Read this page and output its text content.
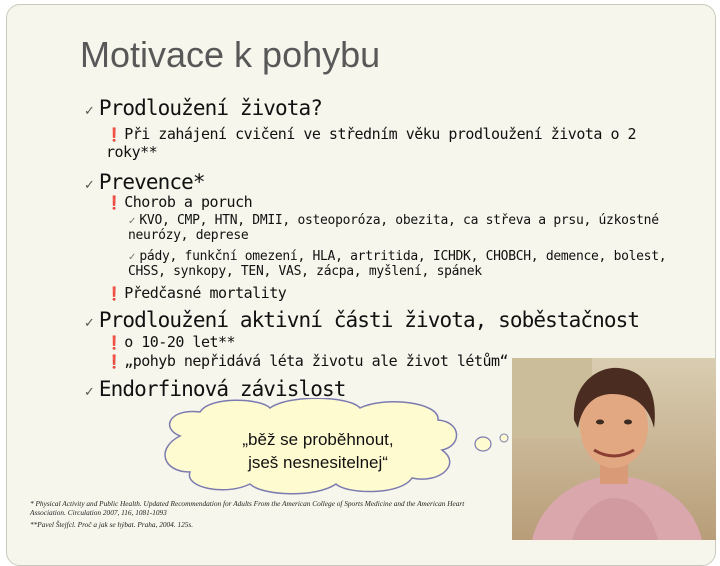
Motivace k pohybu
✓ Prodloužení života?
❗ Při zahájení cvičení ve středním věku prodloužení života o 2 roky**
✓ Prevence*
❗ Chorob a poruch
✓ KVO, CMP, HTN, DMII, osteoporóza, obezita, ca střeva a prsu, úzkostné neurózy, deprese
✓ pády, funkční omezení, HLA, artritida, ICHDK, CHOBCH, demence, bolest, CHSS, synkopy, TEN, VAS, zácpa, myšlení, spánek
❗ Předčasné mortality
✓ Prodloužení aktivní části života, soběstačnost
❗ o 10-20 let**
❗ „pohyb nepřidává léta životu ale život létům“
✓ Endorfinová závislost
„běž se proběhnout,
jseš nesnesitelnej“
* Physical Activity and Public Health. Updated Recommendation for Adults From the American College of Sports Medicine and the American Heart Association. Circulation 2007, 116, 1081-1093
**Pavel Štejfcl. Proč a jak se hýbat. Praha, 2004. 125s.
